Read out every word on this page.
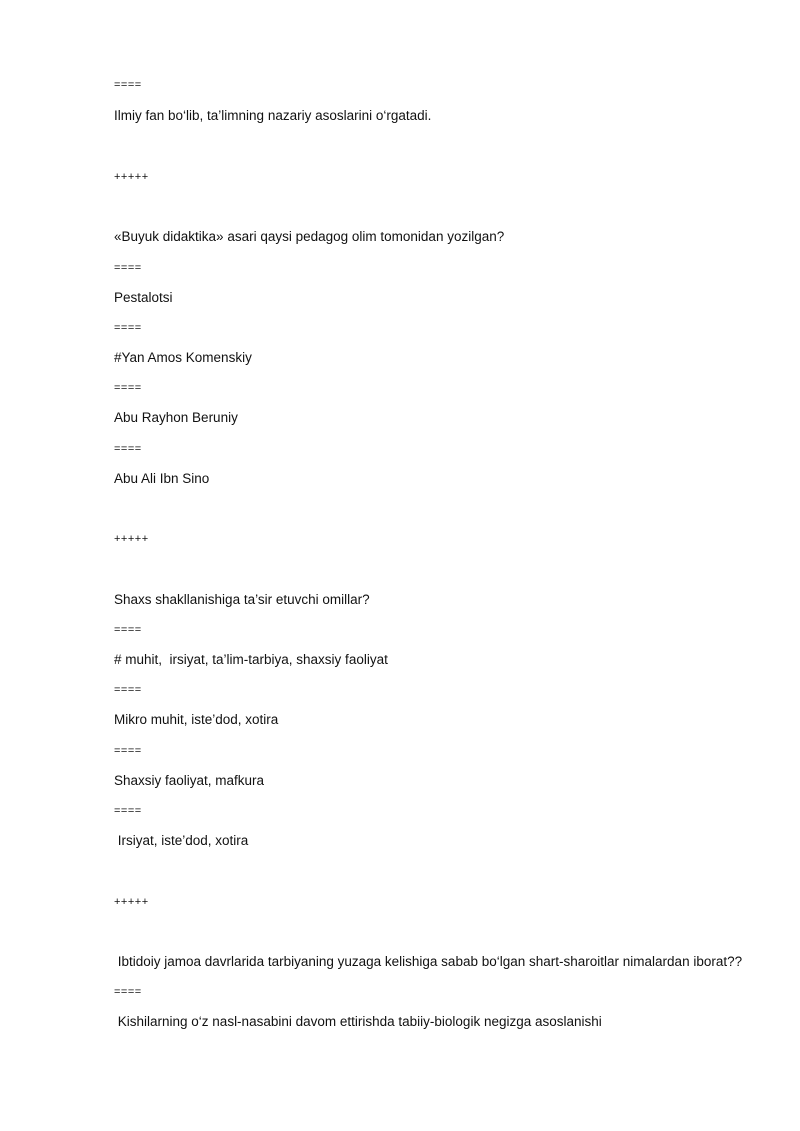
====
Ilmiy fan bo‘lib, ta’limning nazariy asoslarini o‘rgatadi.
+++++
«Buyuk didaktika» asari qaysi pedagog olim tomonidan yozilgan?
====
Pestalotsi
====
#Yan Amos Komenskiy
====
Abu Rayhon Beruniy
====
Abu Ali Ibn Sino
+++++
Shaxs shakllanishiga ta’sir etuvchi omillar?
====
# muhit,  irsiyat, ta’lim-tarbiya, shaxsiy faoliyat
====
Mikro muhit, iste’dod, xotira
====
Shaxsiy faoliyat, mafkura
====
Irsiyat, iste’dod, xotira
+++++
Ibtidoiy jamoa davrlarida tarbiyaning yuzaga kelishiga sabab bo‘lgan shart-sharoitlar nimalardan iborat??
====
Kishilarning o‘z nasl-nasabini davom ettirishda tabiiy-biologik negizga asoslanishi
